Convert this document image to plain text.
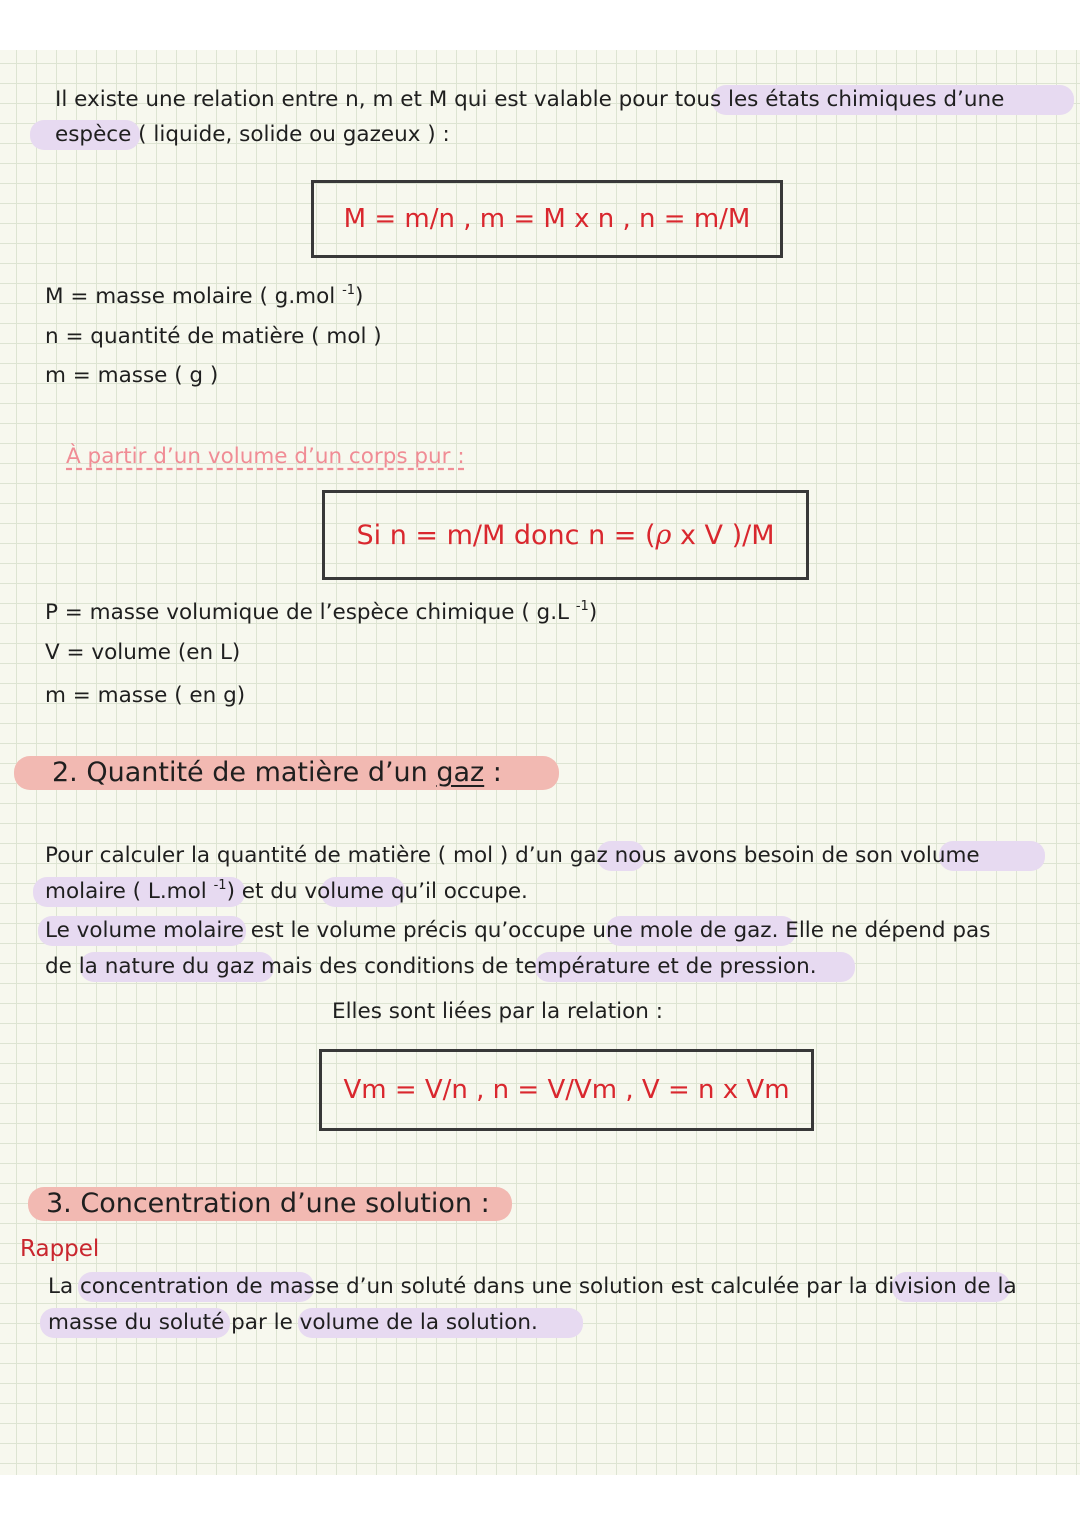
Il existe une relation entre n, m et M qui est valable pour tous les états chimiques d’une
espèce ( liquide, solide ou gazeux ) :
M = m/n , m = M x n , n = m/M
M = masse molaire ( g.mol $^{-1}$)
n = quantité de matière ( mol )
m = masse ( g )
À partir d’un volume d’un corps pur :
Si n = m/M donc n = (ρ x V )/M
P = masse volumique de l’espèce chimique ( g.L $^{-1}$)
V = volume (en L)
m = masse ( en g)
2. Quantité de matière d’un gaz :
Pour calculer la quantité de matière ( mol ) d’un gaz nous avons besoin de son volume
molaire ( L.mol $^{-1}$) et du volume qu’il occupe.
Le volume molaire est le volume précis qu’occupe une mole de gaz. Elle ne dépend pas
de la nature du gaz mais des conditions de température et de pression.
Elles sont liées par la relation :
Vm = V/n , n = V/Vm , V = n x Vm
3. Concentration d’une solution :
Rappel
La concentration de masse d’un soluté dans une solution est calculée par la division de la
masse du soluté par le volume de la solution.
